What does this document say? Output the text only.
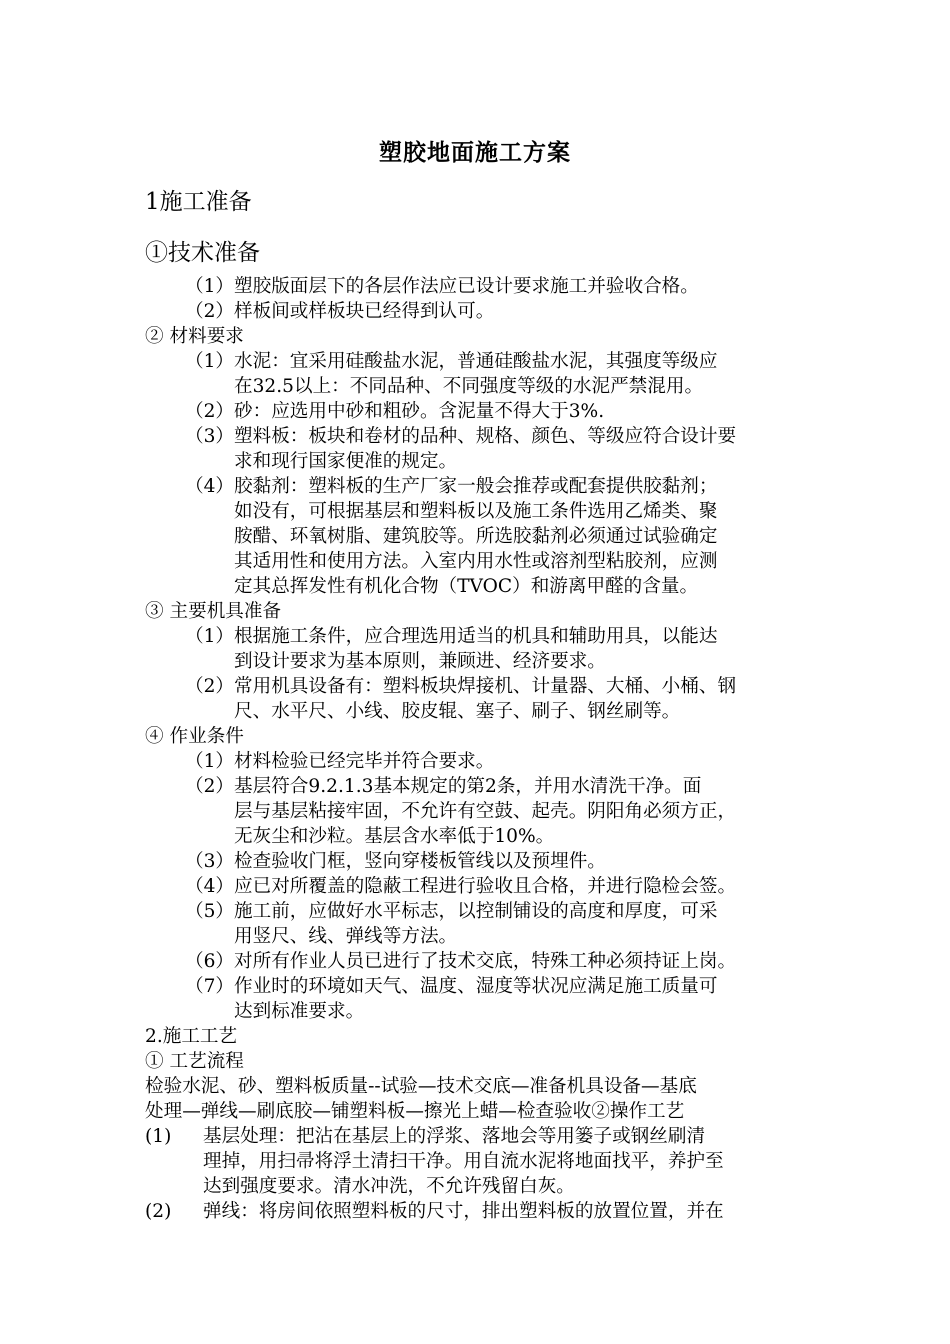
塑胶地面施工方案
1施工准备
①技术准备
（1）塑胶版面层下的各层作法应已设计要求施工并验收合格。
（2）样板间或样板块已经得到认可。
② 材料要求
（1）水泥：宜采用硅酸盐水泥，普通硅酸盐水泥，其强度等级应
在32.5以上：不同品种、不同强度等级的水泥严禁混用。
（2）砂：应选用中砂和粗砂。含泥量不得大于3%.
（3）塑料板：板块和卷材的品种、规格、颜色、等级应符合设计要
求和现行国家便准的规定。
（4）胶黏剂：塑料板的生产厂家一般会推荐或配套提供胶黏剂；
如没有，可根据基层和塑料板以及施工条件选用乙烯类、聚
胺醋、环氧树脂、建筑胶等。所选胶黏剂必须通过试验确定
其适用性和使用方法。入室内用水性或溶剂型粘胶剂，应测
定其总挥发性有机化合物（TVOC）和游离甲醛的含量。
③ 主要机具准备
（1）根据施工条件，应合理选用适当的机具和辅助用具，以能达
到设计要求为基本原则，兼顾进、经济要求。
（2）常用机具设备有：塑料板块焊接机、计量器、大桶、小桶、钢
尺、水平尺、小线、胶皮辊、塞子、刷子、钢丝刷等。
④ 作业条件
（1）材料检验已经完毕并符合要求。
（2）基层符合9.2.1.3基本规定的第2条，并用水清洗干净。面
层与基层粘接牢固，不允许有空鼓、起壳。阴阳角必须方正，
无灰尘和沙粒。基层含水率低于10%。
（3）检查验收门框，竖向穿楼板管线以及预埋件。
（4）应已对所覆盖的隐蔽工程进行验收且合格，并进行隐检会签。
（5）施工前，应做好水平标志，以控制铺设的高度和厚度，可采
用竖尺、线、弹线等方法。
（6）对所有作业人员已进行了技术交底，特殊工种必须持证上岗。
（7）作业时的环境如天气、温度、湿度等状况应满足施工质量可
达到标准要求。
2.施工工艺
① 工艺流程
检验水泥、砂、塑料板质量--试验—技术交底—准备机具设备—基底
处理—弹线—刷底胶—铺塑料板—擦光上蜡—检查验收②操作工艺
(1) 基层处理：把沾在基层上的浮浆、落地会等用篓子或钢丝刷清
理掉，用扫帚将浮土清扫干净。用自流水泥将地面找平，养护至
达到强度要求。清水冲洗，不允许残留白灰。
(2) 弹线：将房间依照塑料板的尺寸，排出塑料板的放置位置，并在
